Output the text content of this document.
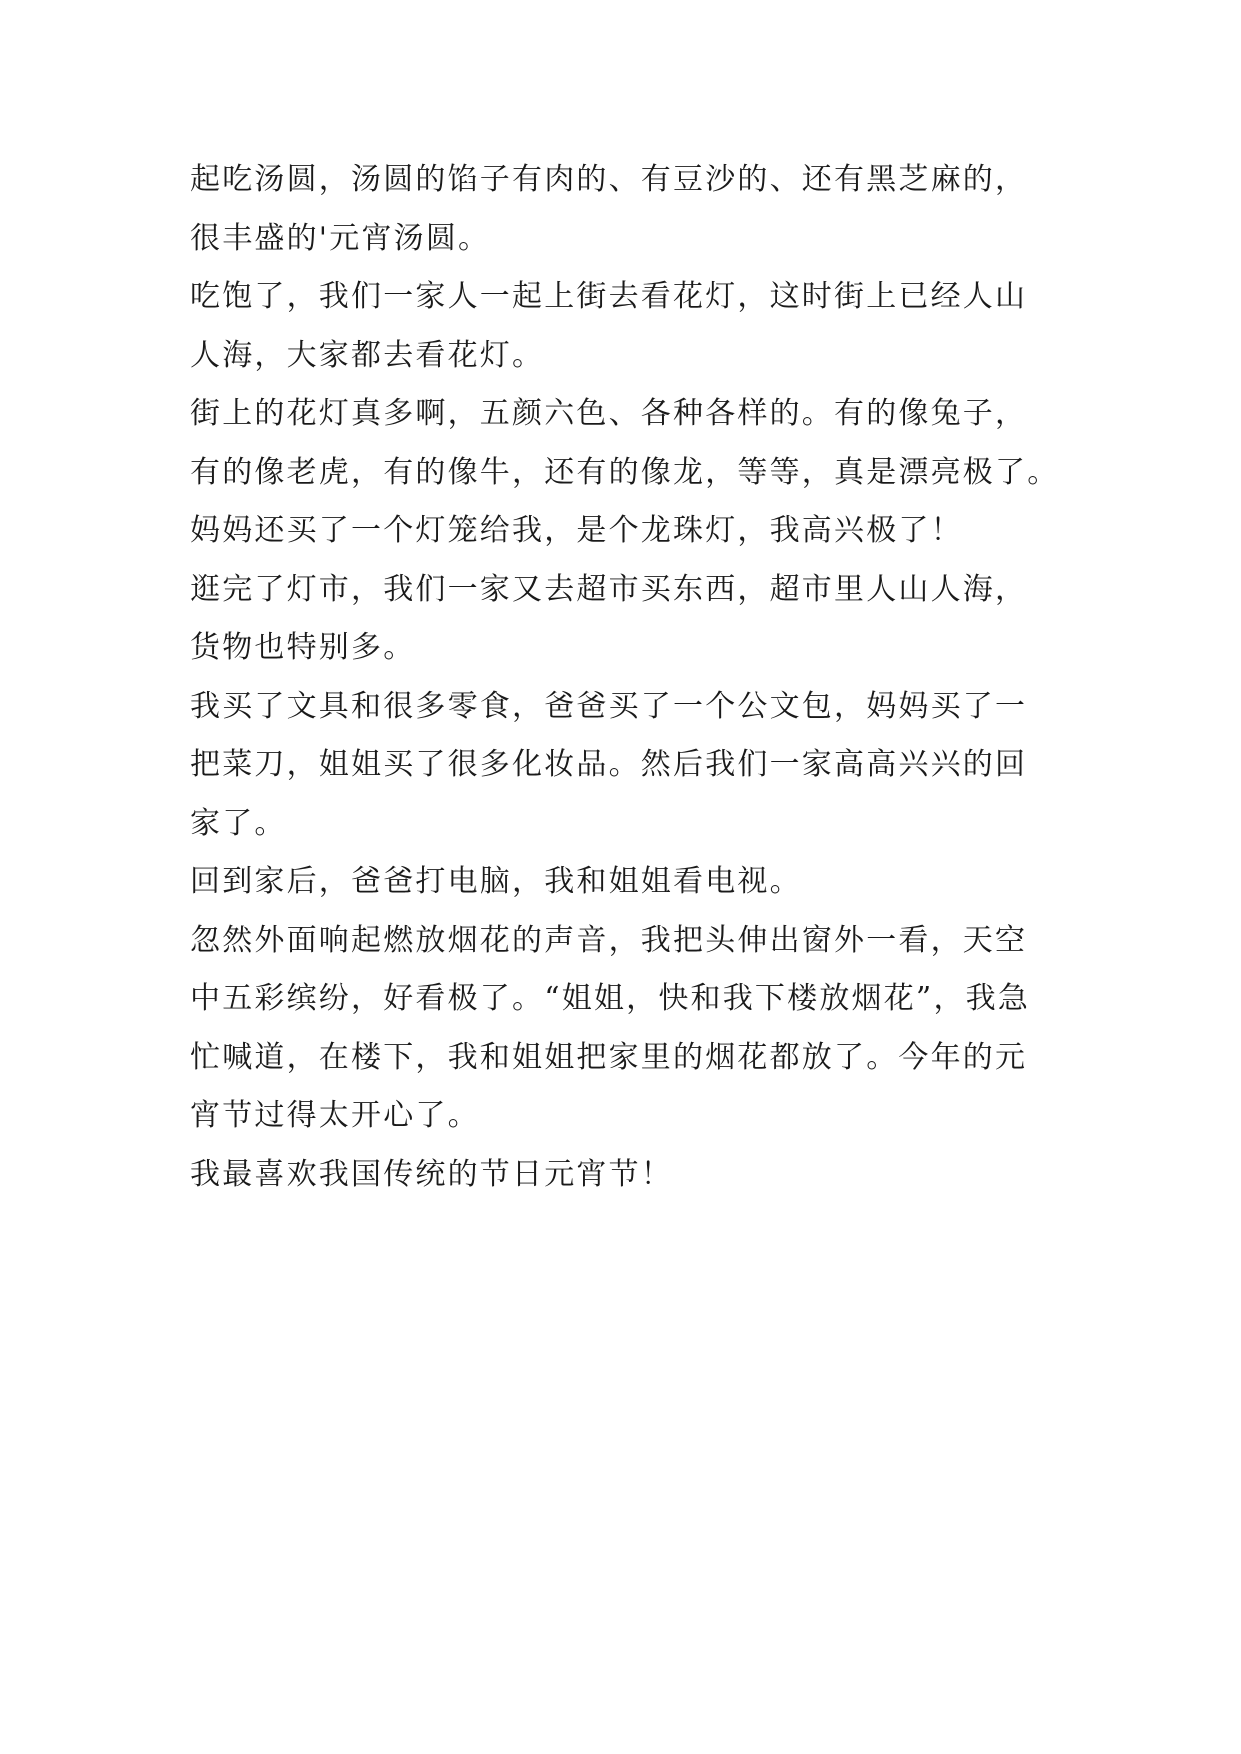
起吃汤圆，汤圆的馅子有肉的、有豆沙的、还有黑芝麻的，
很丰盛的'元宵汤圆。
吃饱了，我们一家人一起上街去看花灯，这时街上已经人山
人海，大家都去看花灯。
街上的花灯真多啊，五颜六色、各种各样的。有的像兔子，
有的像老虎，有的像牛，还有的像龙，等等，真是漂亮极了。
妈妈还买了一个灯笼给我，是个龙珠灯，我高兴极了！
逛完了灯市，我们一家又去超市买东西，超市里人山人海，
货物也特别多。
我买了文具和很多零食，爸爸买了一个公文包，妈妈买了一
把菜刀，姐姐买了很多化妆品。然后我们一家高高兴兴的回
家了。
回到家后，爸爸打电脑，我和姐姐看电视。
忽然外面响起燃放烟花的声音，我把头伸出窗外一看，天空
中五彩缤纷，好看极了。“姐姐，快和我下楼放烟花”，我急
忙喊道，在楼下，我和姐姐把家里的烟花都放了。今年的元
宵节过得太开心了。
我最喜欢我国传统的节日元宵节！
